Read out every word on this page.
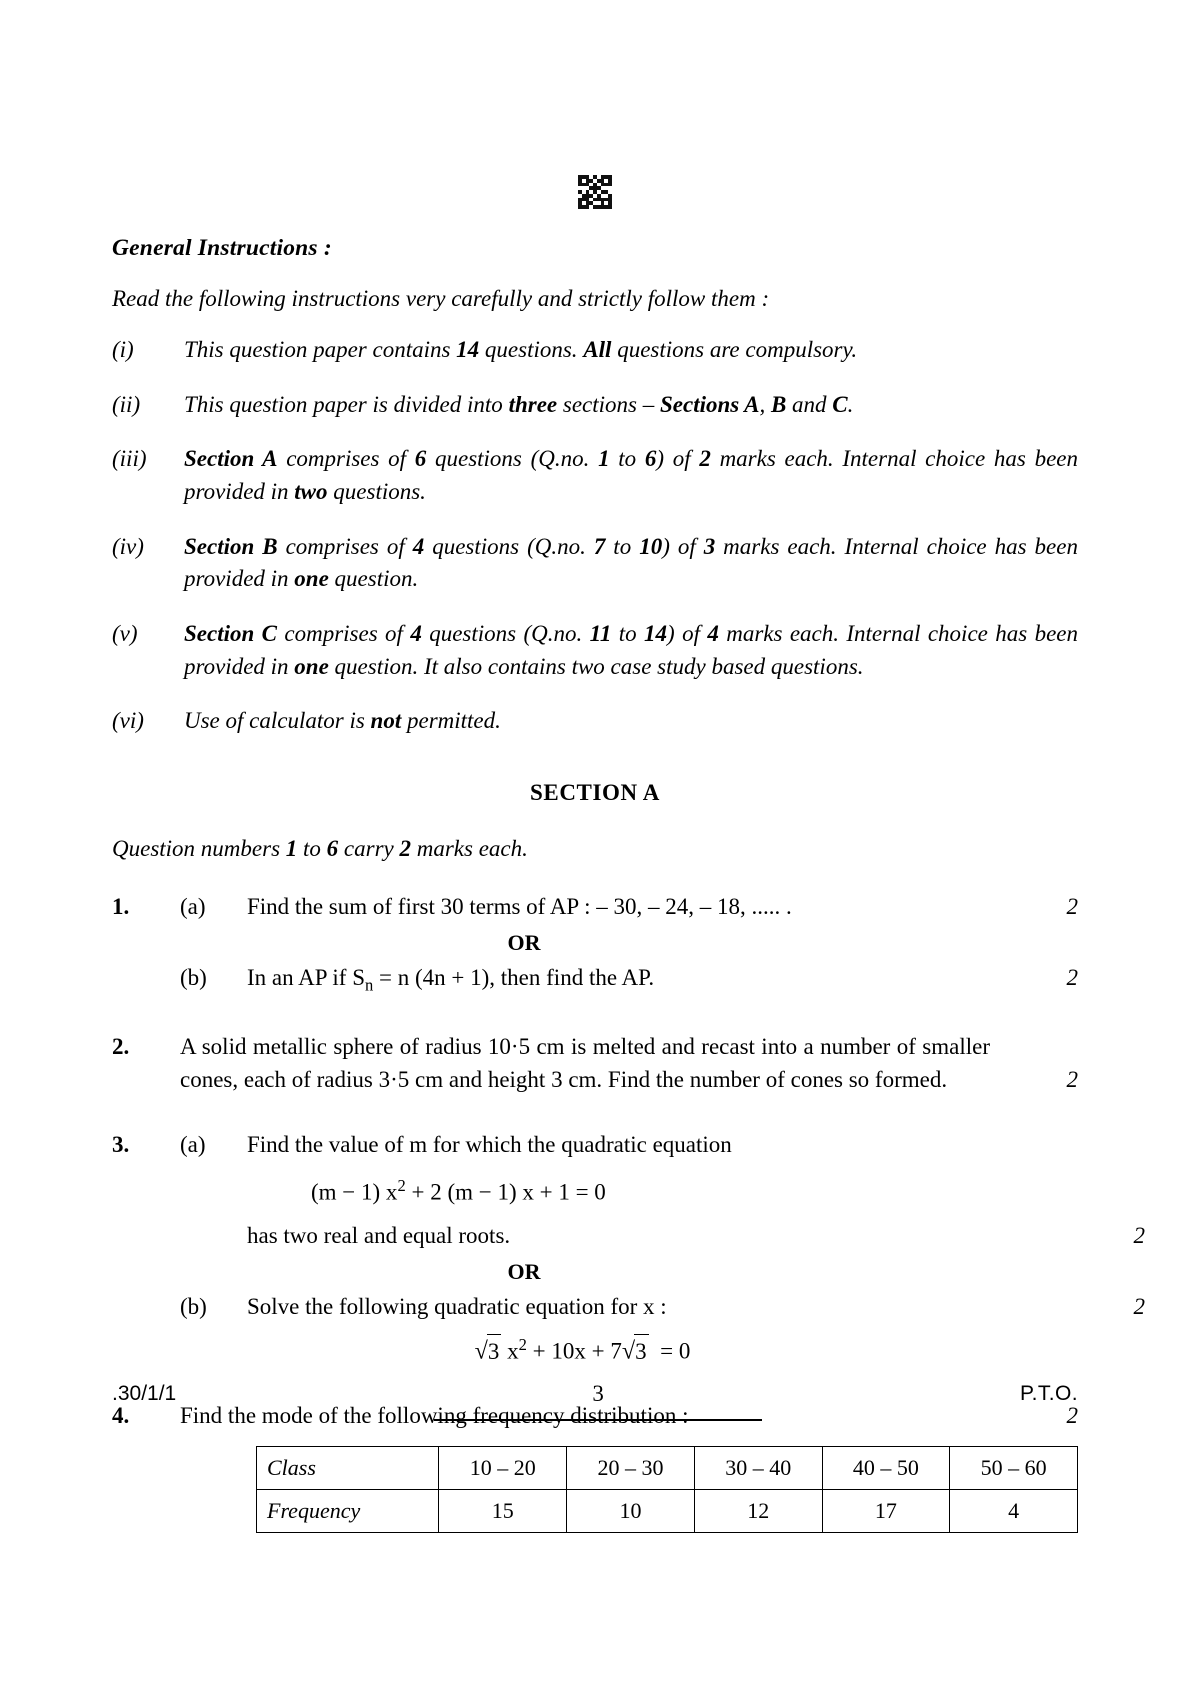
General Instructions :

Read the following instructions very carefully and strictly follow them :

(i)	This question paper contains 14 questions. All questions are compulsory.
(ii)	This question paper is divided into three sections – Sections A, B and C.
(iii)	Section A comprises of 6 questions (Q.no. 1 to 6) of 2 marks each. Internal choice has been provided in two questions.
(iv)	Section B comprises of 4 questions (Q.no. 7 to 10) of 3 marks each. Internal choice has been provided in one question.
(v)	Section C comprises of 4 questions (Q.no. 11 to 14) of 4 marks each. Internal choice has been provided in one question. It also contains two case study based questions.
(vi)	Use of calculator is not permitted.
SECTION A
Question numbers 1 to 6 carry 2 marks each.
1.	(a)	Find the sum of first 30 terms of AP : – 30, – 24, – 18, ..... .	2
OR
(b)	In an AP if $S_n = n$ (4n + 1), then find the AP.	2
2.	A solid metallic sphere of radius 10·5 cm is melted and recast into a number of smaller cones, each of radius 3·5 cm and height 3 cm. Find the number of cones so formed.	2
3.	(a)	Find the value of m for which the quadratic equation
(m − 1) $x^2 + 2$ (m − 1) x + 1 = 0
has two real and equal roots.	2
OR
(b)	Solve the following quadratic equation for x :	2
√3 $x^2 + 10x + 7√3 = 0$
4.	Find the mode of the following frequency distribution :	2
Class	10 – 20	20 – 30	30 – 40	40 – 50	50 – 60
Frequency	15	10	12	17	4
.30/1/1	3	P.T.O.
